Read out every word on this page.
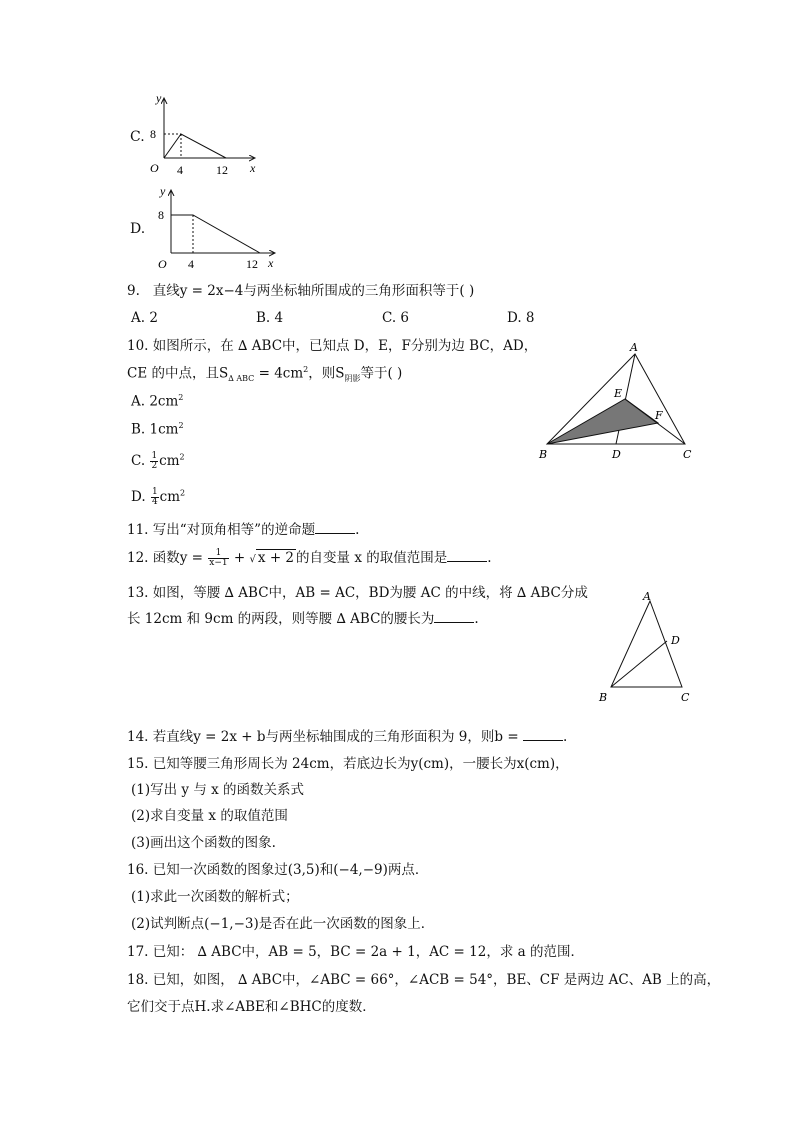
C.
y
x
O
8
4	12
D.
y
x
O
8
4	12
9. 直线y = 2x−4与两坐标轴所围成的三角形面积等于( )
A. 2	B. 4	C. 6	D. 8
10. 如图所示，在 ∆ ABC中，已知点 D，E，F分别为边 BC，AD，
CE 的中点，且$S_{\Delta ABC} = 4cm^2$，则$S_{阴影}$等于( )
A. $2cm^2$
B. $1cm^2$
C. $\frac{1}{2} cm^2$
D. $\frac{1}{4} cm^2$
A
B	C
D
E
F
11. 写出“对顶角相等”的逆命题	.
12. 函数$y = \frac{1}{x-1}$ + √ x + 2 的自变量 x 的取值范围是	.
13. 如图，等腰 ∆ ABC中，AB = AC，BD为腰 AC 的中线，将 ∆ ABC分成
长 12cm 和 9cm 的两段，则等腰 ∆ ABC的腰长为	.
A
B	C
D
14. 若直线y = 2x + b与两坐标轴围成的三角形面积为 9，则b =	.
15. 已知等腰三角形周长为 24cm，若底边长为y(cm)，一腰长为x(cm)，
(1)写出 y 与 x 的函数关系式
(2)求自变量 x 的取值范围
(3)画出这个函数的图象.
16. 已知一次函数的图象过(3,5)和(−4,−9)两点．
(1)求此一次函数的解析式；
(2)试判断点(−1,−3)是否在此一次函数的图象上．
17. 已知： ∆ ABC中，AB = 5，BC = 2a + 1，AC = 12，求 a 的范围．
18. 已知，如图， ∆ ABC中，∠ABC = 66°，∠ACB = 54°，BE、CF 是两边 AC、AB 上的高，
它们交于点H.求∠ABE和∠BHC的度数．
